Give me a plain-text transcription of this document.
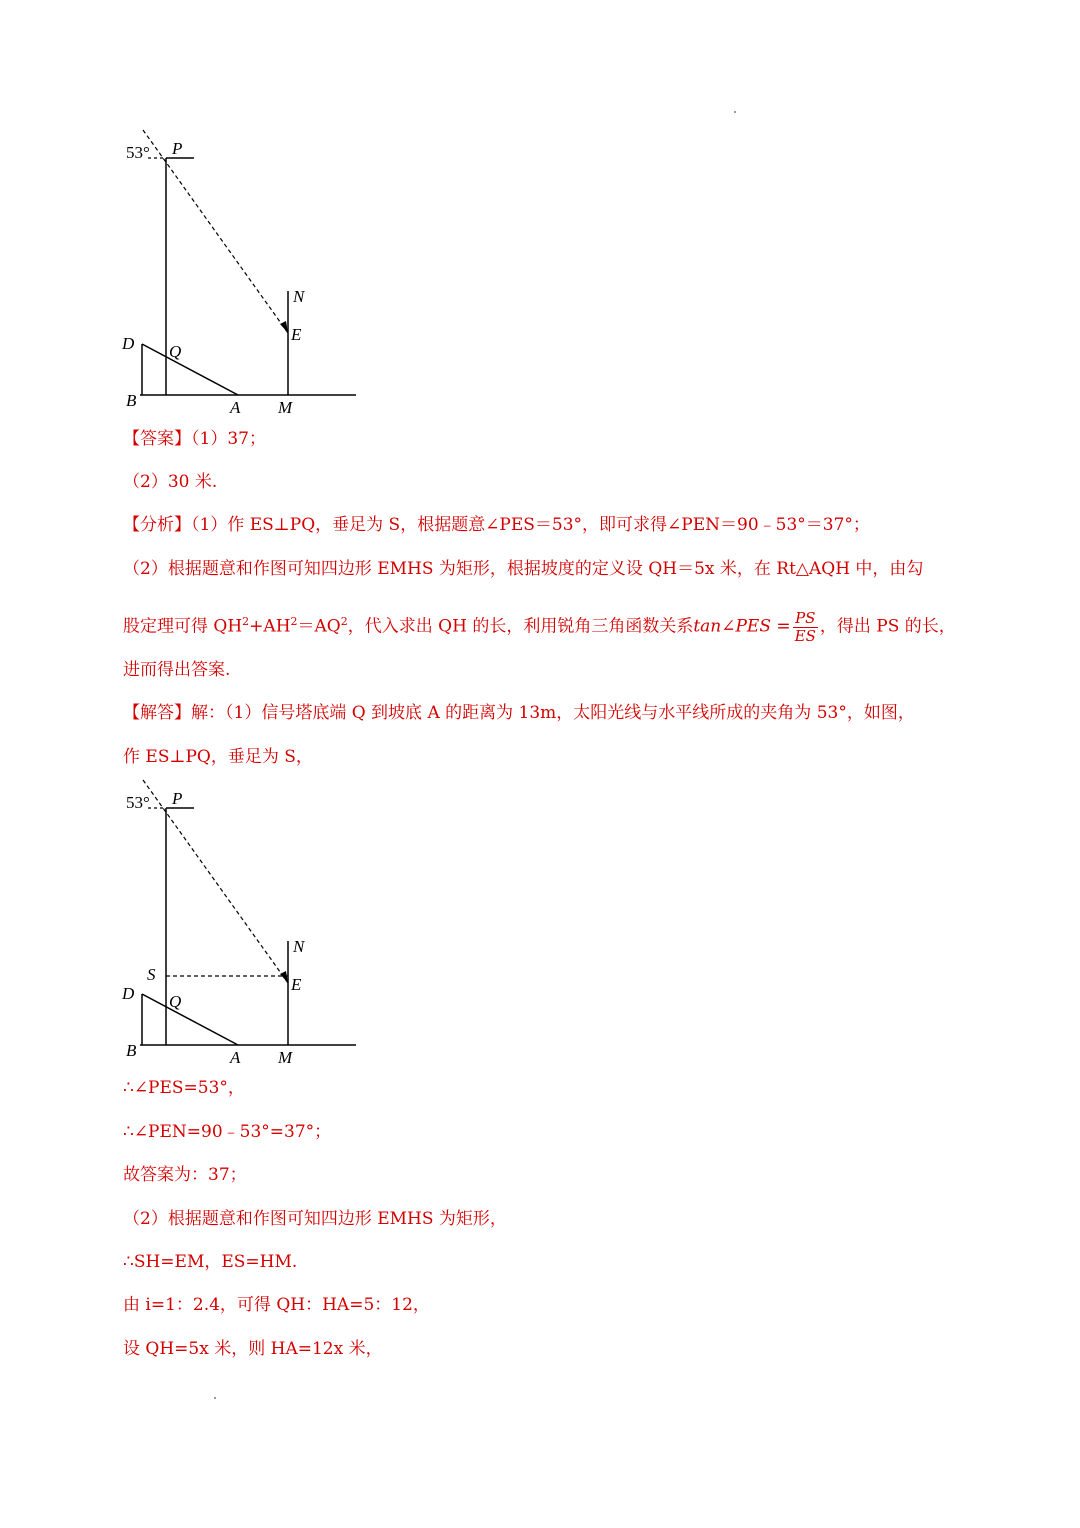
53° P
N
E
D Q
B	A M
【答案】（1）37；
（2）30 米.
【分析】（1）作 ES⊥PQ，垂足为 S，根据题意∠PES＝53°，即可求得∠PEN＝90﹣53°＝37°；
（2）根据题意和作图可知四边形 EMHS 为矩形，根据坡度的定义设 QH＝5x 米，在 Rt△AQH 中，由勾
股定理可得 $QH^2+AH^2=AQ^2$，代入求出 QH 的长，利用锐角三角函数关系tan∠PES = $\frac{PS}{ES}$ ，得出 PS 的长，
进而得出答案.
【解答】解：（1）信号塔底端 Q 到坡底 A 的距离为 13m，太阳光线与水平线所成的夹角为 53°，如图，
作 ES⊥PQ，垂足为 S，
53° P
N
E
S
D Q
B	A M
∴∠PES=53°，
∴∠PEN=90﹣53°=37°；
故答案为：37；
（2）根据题意和作图可知四边形 EMHS 为矩形，
∴SH=EM，ES=HM.
由 i=1：2.4，可得 QH：HA=5：12，
设 QH=5x 米，则 HA=12x 米，
